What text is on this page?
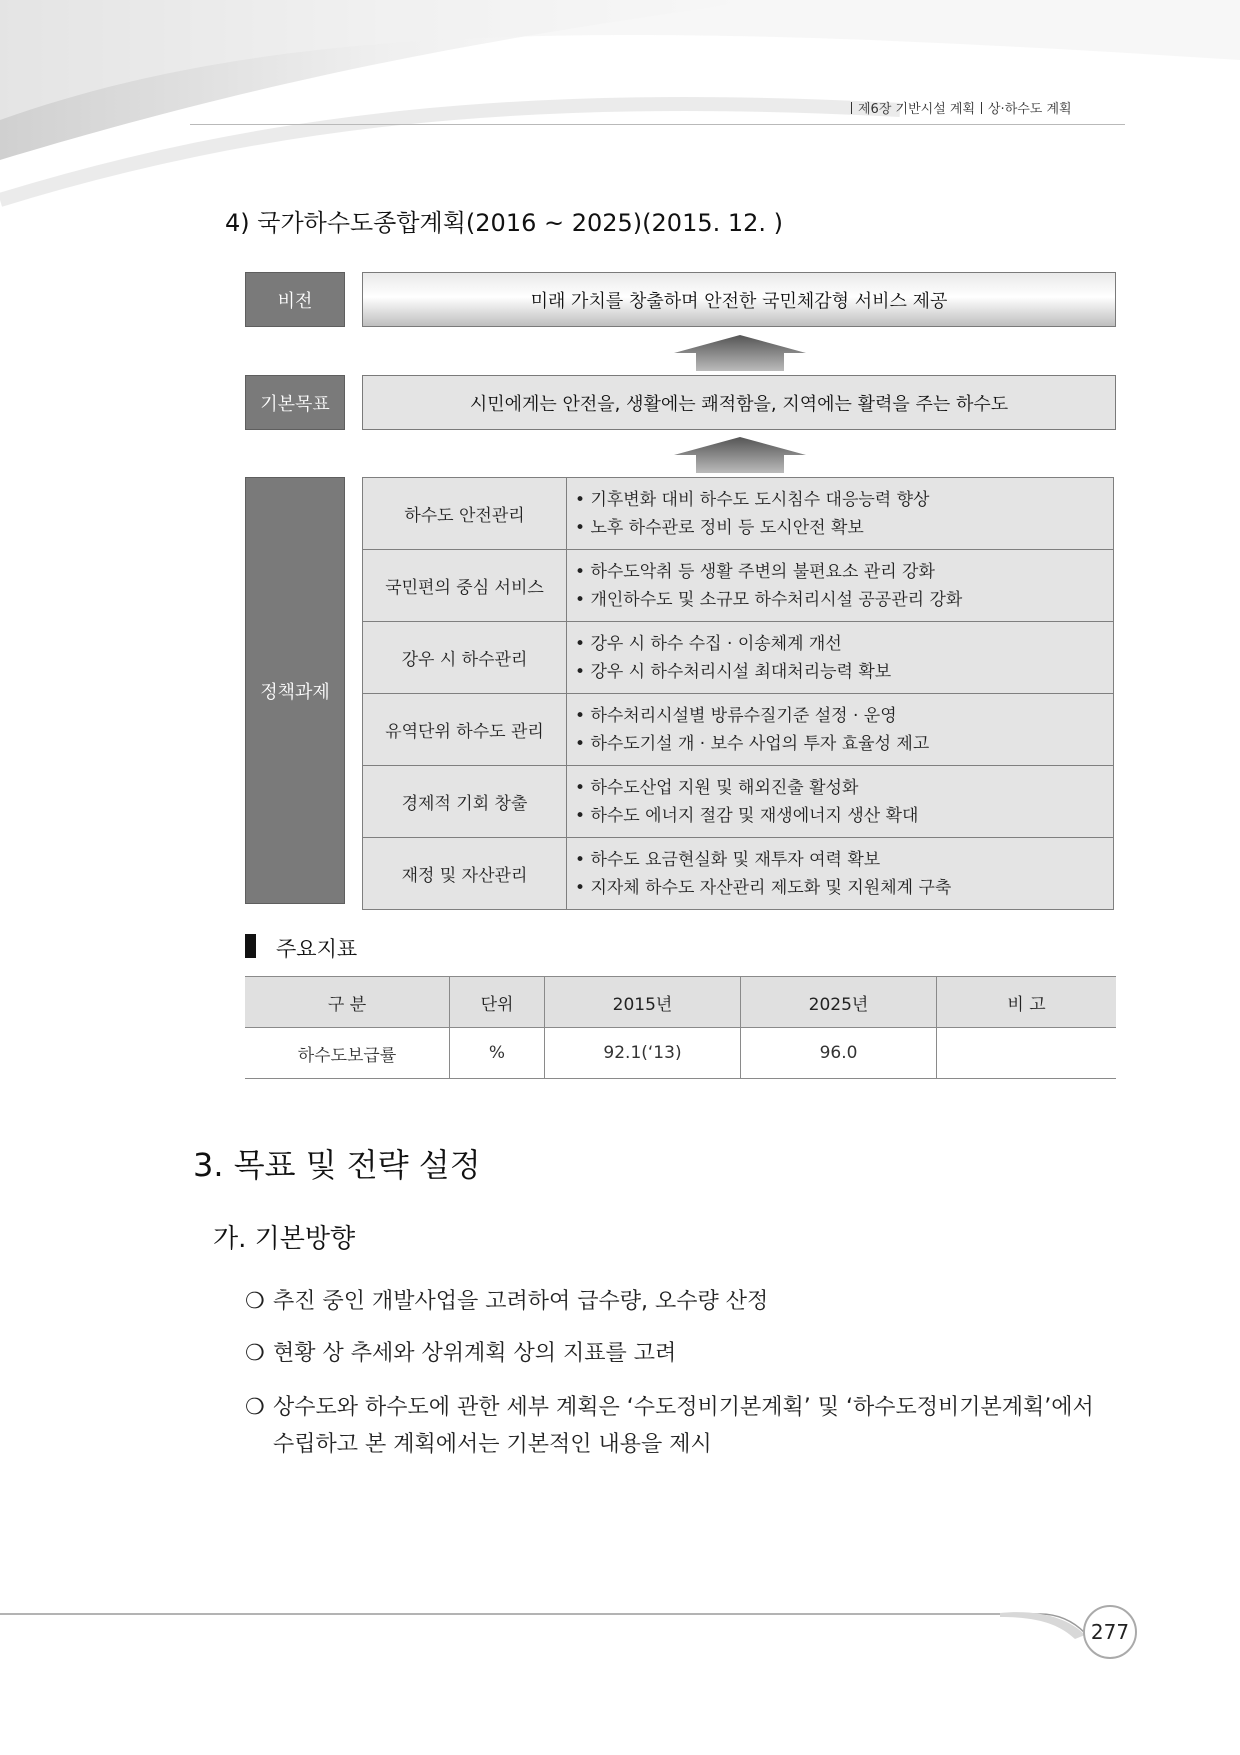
제6장 기반시설 계획 상·하수도 계획
4) 국가하수도종합계획(2016 ~ 2025)(2015. 12. )
비전	미래 가치를 창출하며 안전한 국민체감형 서비스 제공
기본목표	시민에게는 안전을, 생활에는 쾌적함을, 지역에는 활력을 주는 하수도
정책과제
하수도 안전관리	• 기후변화 대비 하수도 도시침수 대응능력 향상
• 노후 하수관로 정비 등 도시안전 확보

국민편의 중심 서비스	• 하수도악취 등 생활 주변의 불편요소 관리 강화
• 개인하수도 및 소규모 하수처리시설 공공관리 강화

강우 시 하수관리	• 강우 시 하수 수집 · 이송체계 개선
• 강우 시 하수처리시설 최대처리능력 확보

유역단위 하수도 관리	• 하수처리시설별 방류수질기준 설정 · 운영
• 하수도기설 개 · 보수 사업의 투자 효율성 제고

경제적 기회 창출	• 하수도산업 지원 및 해외진출 활성화
• 하수도 에너지 절감 및 재생에너지 생산 확대

재정 및 자산관리	• 하수도 요금현실화 및 재투자 여력 확보
• 지자체 하수도 자산관리 제도화 및 지원체계 구축
주요지표
구 분	단위	2015년	2025년	비 고
하수도보급률	%	92.1(‘13)	96.0	
3. 목표 및 전략 설정
가. 기본방향
❍ 추진 중인 개발사업을 고려하여 급수량, 오수량 산정
❍ 현황 상 추세와 상위계획 상의 지표를 고려
❍ 상수도와 하수도에 관한 세부 계획은 ‘수도정비기본계획’ 및 ‘하수도정비기본계획’에서
수립하고 본 계획에서는 기본적인 내용을 제시
277
